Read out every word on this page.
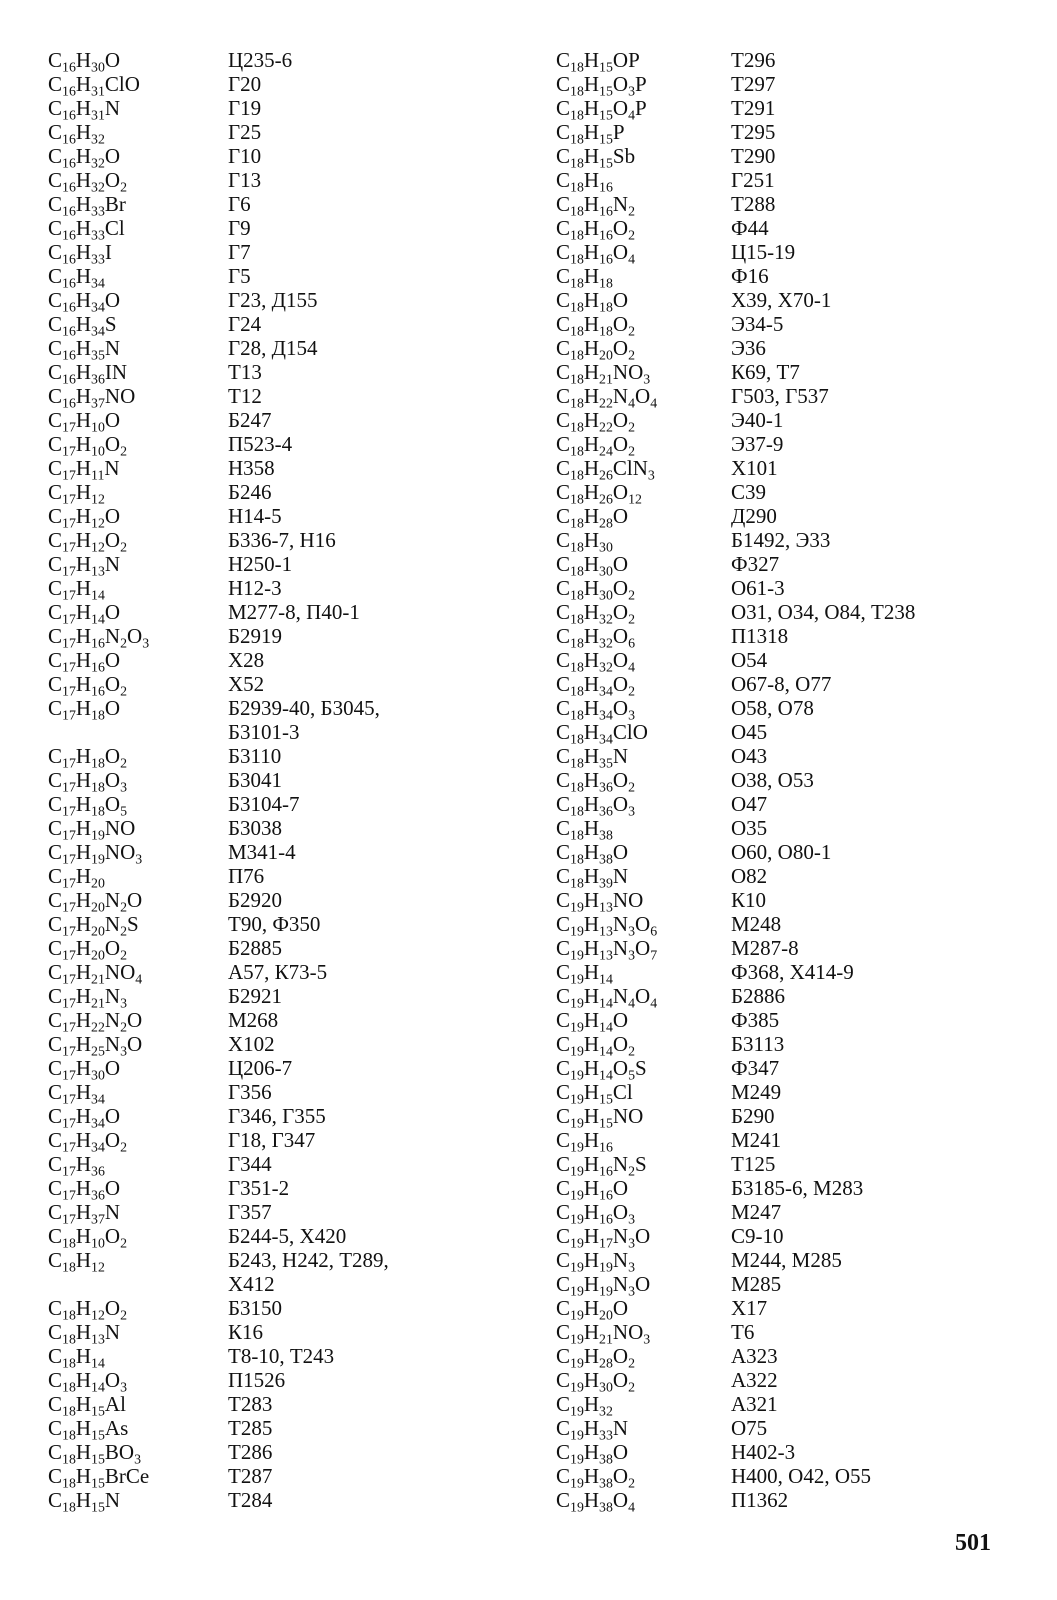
$C_{16}H_{30}O$	Ц235-6
$C_{16}H_{31}ClO$	Г20
$C_{16}H_{31}N$	Г19
$C_{16}H_{32}$	Г25
$C_{16}H_{32}O$	Г10
$C_{16}H_{32}O_2$	Г13
$C_{16}H_{33}Br$	Г6
$C_{16}H_{33}Cl$	Г9
$C_{16}H_{33}I$	Г7
$C_{16}H_{34}$	Г5
$C_{16}H_{34}O$	Г23, Д155
$C_{16}H_{34}S$	Г24
$C_{16}H_{35}N$	Г28, Д154
$C_{16}H_{36}IN$	Т13
$C_{16}H_{37}NO$	Т12
$C_{17}H_{10}O$	Б247
$C_{17}H_{10}O_2$	П523-4
$C_{17}H_{11}N$	Н358
$C_{17}H_{12}$	Б246
$C_{17}H_{12}O$	Н14-5
$C_{17}H_{12}O_2$	Б336-7, Н16
$C_{17}H_{13}N$	Н250-1
$C_{17}H_{14}$	Н12-3
$C_{17}H_{14}O$	М277-8, П40-1
$C_{17}H_{16}N_2O_3$	Б2919
$C_{17}H_{16}O$	Х28
$C_{17}H_{16}O_2$	Х52
$C_{17}H_{18}O$	Б2939-40, Б3045,
Б3101-3
$C_{17}H_{18}O_2$	Б3110
$C_{17}H_{18}O_3$	Б3041
$C_{17}H_{18}O_5$	Б3104-7
$C_{17}H_{19}NO$	Б3038
$C_{17}H_{19}NO_3$	М341-4
$C_{17}H_{20}$	П76
$C_{17}H_{20}N_2O$	Б2920
$C_{17}H_{20}N_2S$	Т90, Ф350
$C_{17}H_{20}O_2$	Б2885
$C_{17}H_{21}NO_4$	А57, К73-5
$C_{17}H_{21}N_3$	Б2921
$C_{17}H_{22}N_2O$	М268
$C_{17}H_{25}N_3O$	Х102
$C_{17}H_{30}O$	Ц206-7
$C_{17}H_{34}$	Г356
$C_{17}H_{34}O$	Г346, Г355
$C_{17}H_{34}O_2$	Г18, Г347
$C_{17}H_{36}$	Г344
$C_{17}H_{36}O$	Г351-2
$C_{17}H_{37}N$	Г357
$C_{18}H_{10}O_2$	Б244-5, Х420
$C_{18}H_{12}$	Б243, Н242, Т289,
Х412
$C_{18}H_{12}O_2$	Б3150
$C_{18}H_{13}N$	К16
$C_{18}H_{14}$	Т8-10, Т243
$C_{18}H_{14}O_3$	П1526
$C_{18}H_{15}Al$	Т283
$C_{18}H_{15}As$	Т285
$C_{18}H_{15}BO_3$	Т286
$C_{18}H_{15}BrCe$	Т287
$C_{18}H_{15}N$	Т284
$C_{18}H_{15}OP$	Т296
$C_{18}H_{15}O_3P$	Т297
$C_{18}H_{15}O_4P$	Т291
$C_{18}H_{15}P$	Т295
$C_{18}H_{15}Sb$	Т290
$C_{18}H_{16}$	Г251
$C_{18}H_{16}N_2$	Т288
$C_{18}H_{16}O_2$	Ф44
$C_{18}H_{16}O_4$	Ц15-19
$C_{18}H_{18}$	Ф16
$C_{18}H_{18}O$	Х39, Х70-1
$C_{18}H_{18}O_2$	Э34-5
$C_{18}H_{20}O_2$	Э36
$C_{18}H_{21}NO_3$	К69, Т7
$C_{18}H_{22}N_4O_4$	Г503, Г537
$C_{18}H_{22}O_2$	Э40-1
$C_{18}H_{24}O_2$	Э37-9
$C_{18}H_{26}ClN_3$	Х101
$C_{18}H_{26}O_{12}$	С39
$C_{18}H_{28}O$	Д290
$C_{18}H_{30}$	Б1492, Э33
$C_{18}H_{30}O$	Ф327
$C_{18}H_{30}O_2$	О61-3
$C_{18}H_{32}O_2$	О31, О34, О84, Т238
$C_{18}H_{32}O_6$	П1318
$C_{18}H_{32}O_4$	О54
$C_{18}H_{34}O_2$	О67-8, О77
$C_{18}H_{34}O_3$	О58, О78
$C_{18}H_{34}ClO$	О45
$C_{18}H_{35}N$	О43
$C_{18}H_{36}O_2$	О38, О53
$C_{18}H_{36}O_3$	О47
$C_{18}H_{38}$	О35
$C_{18}H_{38}O$	О60, О80-1
$C_{18}H_{39}N$	О82
$C_{19}H_{13}NO$	К10
$C_{19}H_{13}N_3O_6$	М248
$C_{19}H_{13}N_3O_7$	М287-8
$C_{19}H_{14}$	Ф368, Х414-9
$C_{19}H_{14}N_4O_4$	Б2886
$C_{19}H_{14}O$	Ф385
$C_{19}H_{14}O_2$	Б3113
$C_{19}H_{14}O_5S$	Ф347
$C_{19}H_{15}Cl$	М249
$C_{19}H_{15}NO$	Б290
$C_{19}H_{16}$	М241
$C_{19}H_{16}N_2S$	Т125
$C_{19}H_{16}O$	Б3185-6, М283
$C_{19}H_{16}O_3$	М247
$C_{19}H_{17}N_3O$	С9-10
$C_{19}H_{19}N_3$	М244, М285
$C_{19}H_{19}N_3O$	М285
$C_{19}H_{20}O$	Х17
$C_{19}H_{21}NO_3$	Т6
$C_{19}H_{28}O_2$	А323
$C_{19}H_{30}O_2$	А322
$C_{19}H_{32}$	А321
$C_{19}H_{33}N$	О75
$C_{19}H_{38}O$	Н402-3
$C_{19}H_{38}O_2$	Н400, О42, О55
$C_{19}H_{38}O_4$	П1362
501
